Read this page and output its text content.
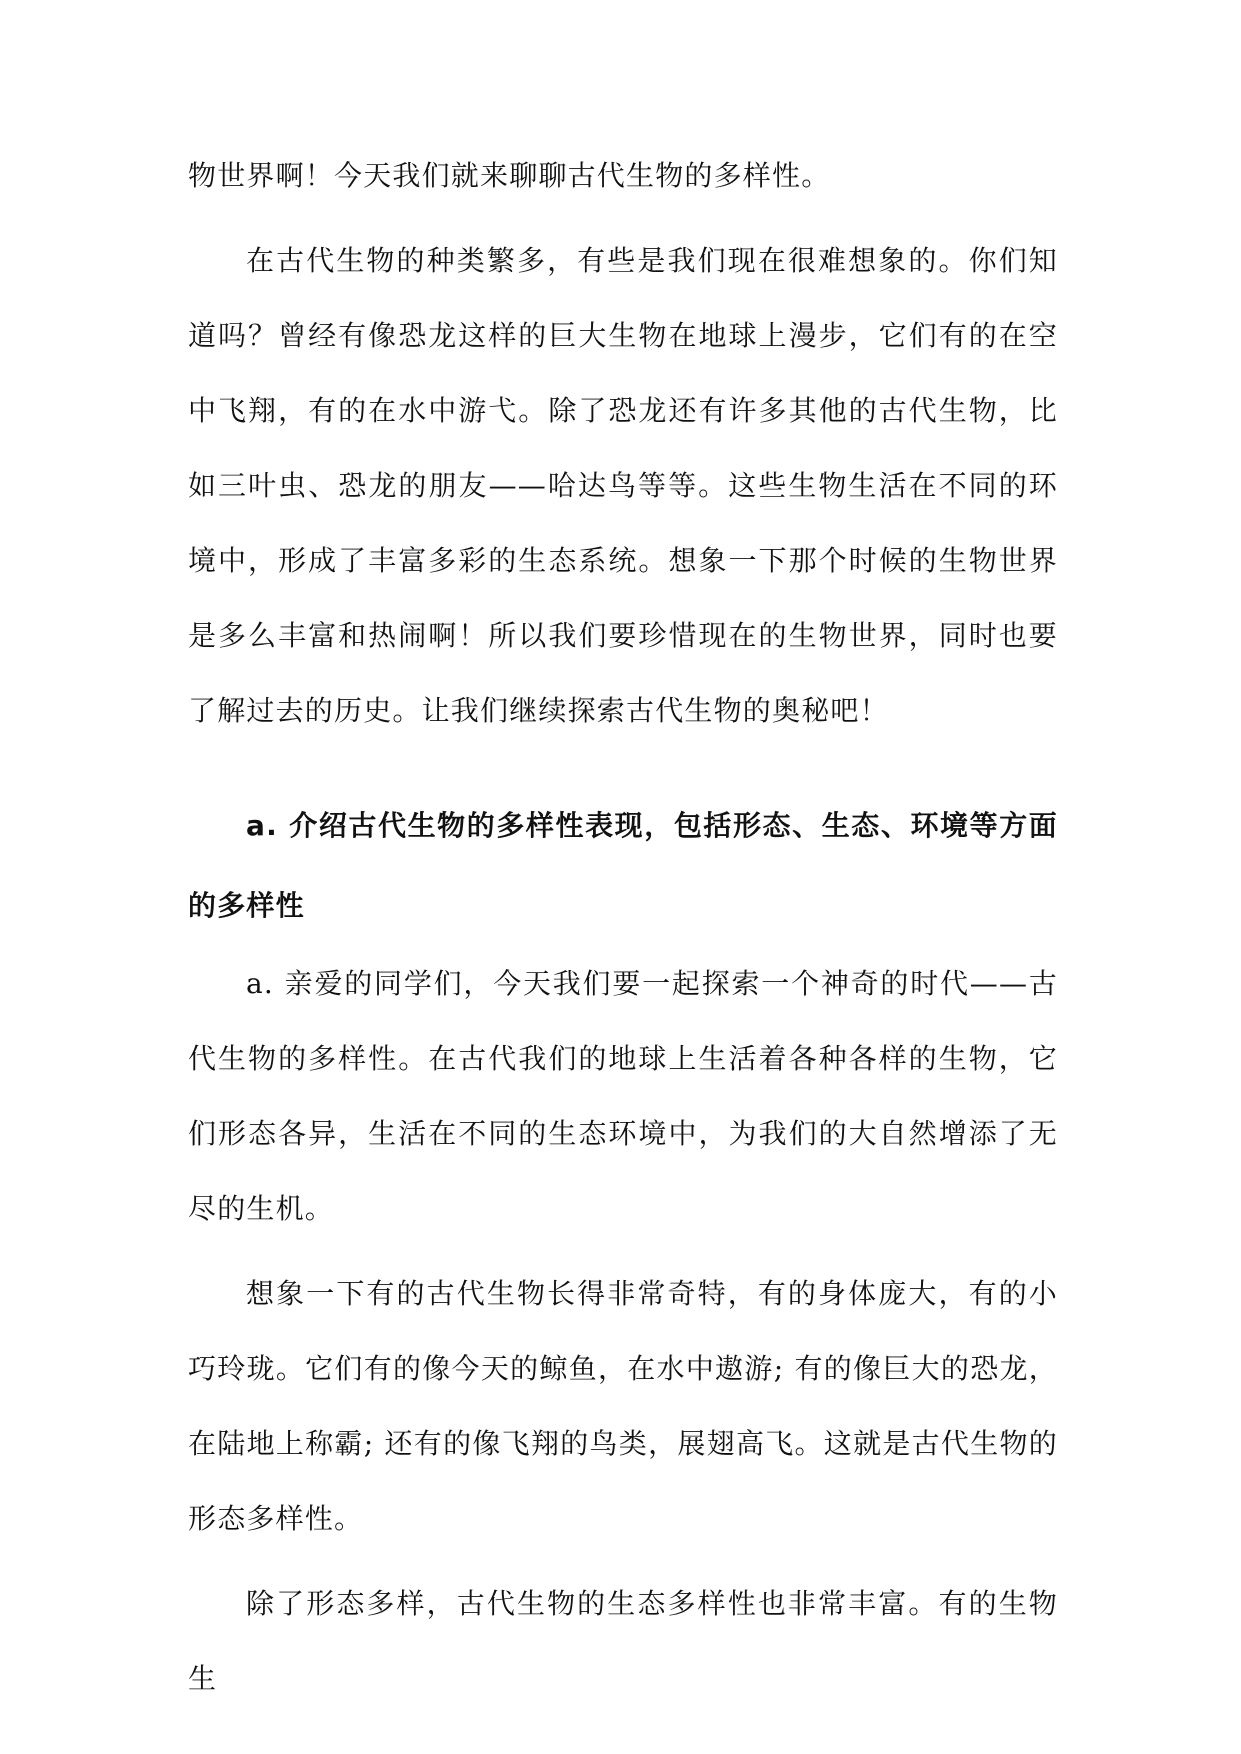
物世界啊！今天我们就来聊聊古代生物的多样性。

在古代生物的种类繁多，有些是我们现在很难想象的。你们知道吗？曾经有像恐龙这样的巨大生物在地球上漫步，它们有的在空中飞翔，有的在水中游弋。除了恐龙还有许多其他的古代生物，比如三叶虫、恐龙的朋友——哈达鸟等等。这些生物生活在不同的环境中，形成了丰富多彩的生态系统。想象一下那个时候的生物世界是多么丰富和热闹啊！所以我们要珍惜现在的生物世界，同时也要了解过去的历史。让我们继续探索古代生物的奥秘吧！

a. 介绍古代生物的多样性表现，包括形态、生态、环境等方面的多样性

a. 亲爱的同学们，今天我们要一起探索一个神奇的时代——古代生物的多样性。在古代我们的地球上生活着各种各样的生物，它们形态各异，生活在不同的生态环境中，为我们的大自然增添了无尽的生机。

想象一下有的古代生物长得非常奇特，有的身体庞大，有的小巧玲珑。它们有的像今天的鲸鱼，在水中遨游; 有的像巨大的恐龙，在陆地上称霸; 还有的像飞翔的鸟类，展翅高飞。这就是古代生物的形态多样性。

除了形态多样，古代生物的生态多样性也非常丰富。有的生物生
